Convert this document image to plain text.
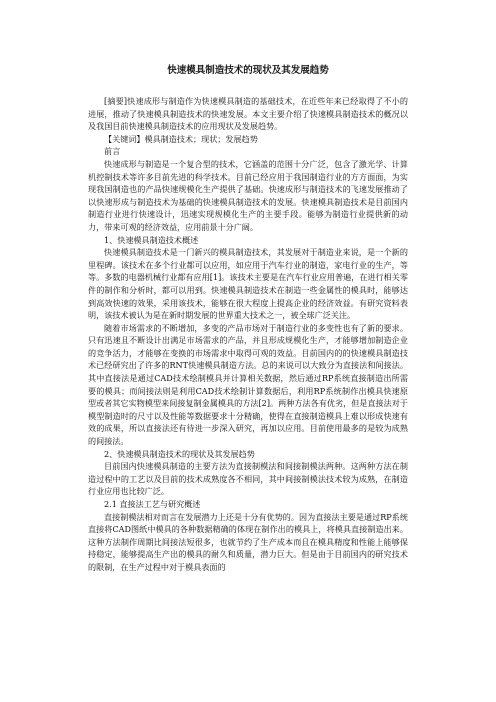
快速模具制造技术的现状及其发展趋势

[摘要]快速成形与制造作为快速模具制造的基础技术，在近些年来已经取得了不小的进展，推动了快速模具制造技术的快速发展。本文主要介绍了快速模具制造技术的概况以及我国目前快速模具制造技术的应用现状及发展趋势。

【关键词】模具制造技术；现状；发展趋势

前言

快速成形与制造是一个复合型的技术，它涵盖的范围十分广泛，包含了激光学、计算机控制技术等许多目前先进的科学技术。目前已经应用于我国制造行业的方方面面，为实现我国制造也的产品快速规模化生产提供了基础。快速成形与制造技术的飞速发展推动了以快速形成与制造技术为基础的快速模具制造技术的发展。快速模具制造技术是目前国内制造行业进行快速设计，迅速实现规模化生产的主要手段。能够为制造行业提供新的动力，带来可观的经济效益，应用前景十分广阔。

1、快速模具制造技术概述

快速模具制造技术是一门新兴的模具制造技术，其发展对于制造业来说，是一个新的里程碑。该技术在多个行业都可以应用，如应用于汽车行业的制造，家电行业的生产，等等。多数的电器机械行业都有应用[1]。该技术主要是在汽车行业应用普遍，在进行相关零件的制作和分析时，都可以用到。快速模具制造技术在制造一些金属性的模具时，能够达到高效快速的效果，采用该技术，能够在很大程度上提高企业的经济效益。有研究资料表明，该技术被认为是在新时期发展的世界重大技术之一，被全球广泛关注。

随着市场需求的不断增加，多变的产品市场对于制造行业的多变性也有了新的要求。只有迅速且不断设计出满足市场需求的产品，并且形成规模化生产，才能够增加制造企业的竞争活力，才能够在变换的市场需求中取得可观的效益。目前国内的的快速模具制造技术已经研究出了许多的RNT快速模具制造方法。总的来说可以大致分为直接法和间接法。其中直接法是通过CAD技术绘制模具并计算相关数据，然后通过RP系统直接制造出所需要的模具；而间接法则是利用CAD技术绘制计算数据后，利用RP系统制作出模具快速原型或者其它实物模型来间接复制金属模具的方法[2]。两种方法各有优劣，但是直接法对于模型制造时的尺寸以及性能等数据要求十分精确，使得在直接制造模具上难以形成快速有效的成果，所以直接法还有待进一步深入研究，再加以应用。目前使用最多的是较为成熟的间接法。

2、快速模具制造技术的现状及其发展趋势

目前国内快速模具制造的主要方法为直接制模法和间接制模法两种。这两种方法在制造过程中的工艺以及目前的技术成熟度各不相同，其中间接制模法技术较为成熟，在制造行业应用也比较广泛。

2.1 直接法工艺与研究概述

直接制模法相对而言在发展潜力上还是十分有优势的。因为直接法主要是通过RP系统直接将CAD图纸中模具的各种数据精确的体现在制作出的模具上，将模具直接制造出来。这种方法制作周期比间接法短很多，也就节约了生产成本而且在模具精度和性能上能够保持稳定，能够提高生产出的模具的耐久和质量，潜力巨大。但是由于目前国内的研究技术的限制，在生产过程中对于模具表面的
